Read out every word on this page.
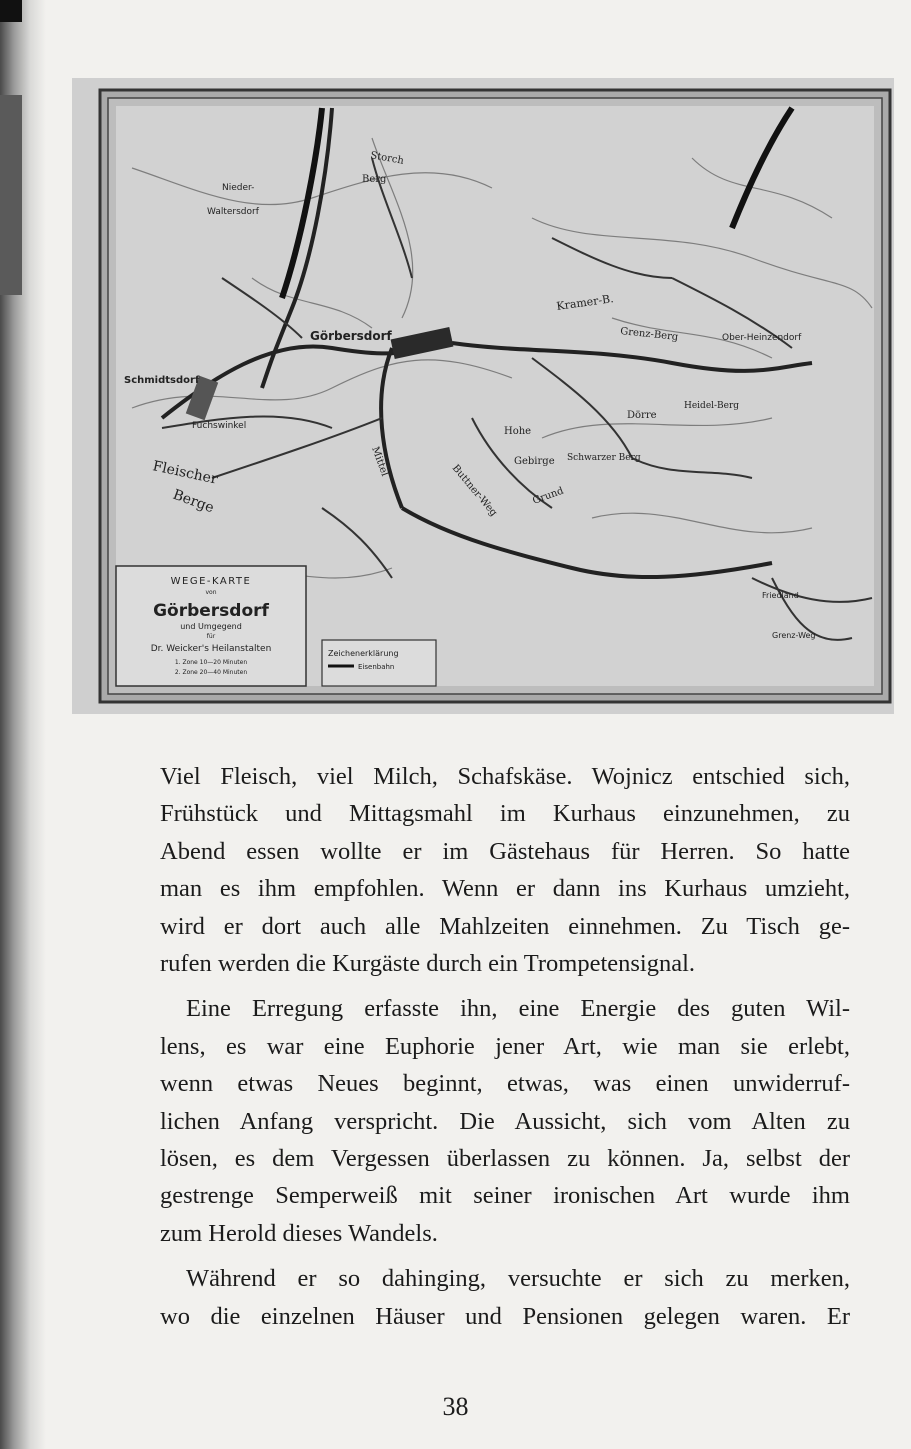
Görbersdorf
Schmidtsdorf
Waltersdorf
Nieder-
Fuchswinkel
Fleischer
Berge
Storch
Berg
Kramer-B.
Grenz-Berg	Ober-Heinzendorf
Hohe
Gebirge Schwarzer Berg
Dörre
Heidel-Berg
Friedland
Grenz-Weg
Buttner-Weg
Mittel
Grund
WEGE-KARTE
von
Görbersdorf
und Umgegend
für
Dr. Weicker's Heilanstalten
1. Zone 10—20 Minuten
2. Zone 20—40 Minuten
Zeichenerklärung
Eisenbahn

Viel Fleisch, viel Milch, Schafskäse. Wojnicz entschied sich,
Frühstück und Mittagsmahl im Kurhaus einzunehmen, zu
Abend essen wollte er im Gästehaus für Herren. So hatte
man es ihm empfohlen. Wenn er dann ins Kurhaus umzieht,
wird er dort auch alle Mahlzeiten einnehmen. Zu Tisch ge-
rufen werden die Kurgäste durch ein Trompetensignal.

Eine Erregung erfasste ihn, eine Energie des guten Wil-
lens, es war eine Euphorie jener Art, wie man sie erlebt,
wenn etwas Neues beginnt, etwas, was einen unwiderruf-
lichen Anfang verspricht. Die Aussicht, sich vom Alten zu
lösen, es dem Vergessen überlassen zu können. Ja, selbst der
gestrenge Semperweiß mit seiner ironischen Art wurde ihm
zum Herold dieses Wandels.

Während er so dahinging, versuchte er sich zu merken,
wo die einzelnen Häuser und Pensionen gelegen waren. Er

38
